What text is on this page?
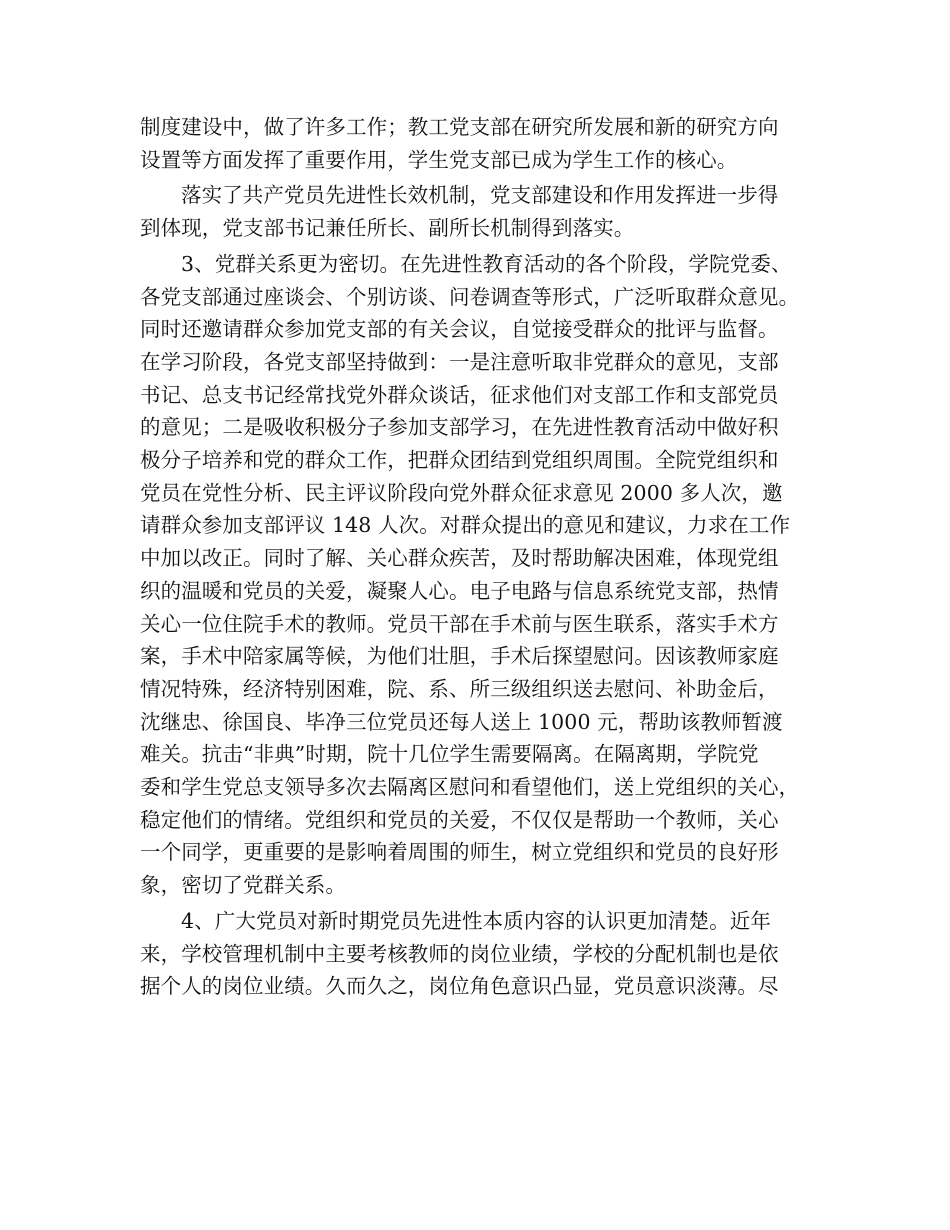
制度建设中，做了许多工作；教工党支部在研究所发展和新的研究方向
设置等方面发挥了重要作用，学生党支部已成为学生工作的核心。
落实了共产党员先进性长效机制，党支部建设和作用发挥进一步得
到体现，党支部书记兼任所长、副所长机制得到落实。
3、党群关系更为密切。在先进性教育活动的各个阶段，学院党委、
各党支部通过座谈会、个别访谈、问卷调查等形式，广泛听取群众意见。
同时还邀请群众参加党支部的有关会议，自觉接受群众的批评与监督。
在学习阶段，各党支部坚持做到：一是注意听取非党群众的意见，支部
书记、总支书记经常找党外群众谈话，征求他们对支部工作和支部党员
的意见；二是吸收积极分子参加支部学习，在先进性教育活动中做好积
极分子培养和党的群众工作，把群众团结到党组织周围。全院党组织和
党员在党性分析、民主评议阶段向党外群众征求意见 2000 多人次，邀
请群众参加支部评议 148 人次。对群众提出的意见和建议，力求在工作
中加以改正。同时了解、关心群众疾苦，及时帮助解决困难，体现党组
织的温暖和党员的关爱，凝聚人心。电子电路与信息系统党支部，热情
关心一位住院手术的教师。党员干部在手术前与医生联系，落实手术方
案，手术中陪家属等候，为他们壮胆，手术后探望慰问。因该教师家庭
情况特殊，经济特别困难，院、系、所三级组织送去慰问、补助金后，
沈继忠、徐国良、毕净三位党员还每人送上 1000 元，帮助该教师暂渡
难关。抗击“非典”时期，院十几位学生需要隔离。在隔离期，学院党
委和学生党总支领导多次去隔离区慰问和看望他们，送上党组织的关心，
稳定他们的情绪。党组织和党员的关爱，不仅仅是帮助一个教师，关心
一个同学，更重要的是影响着周围的师生，树立党组织和党员的良好形
象，密切了党群关系。
4、广大党员对新时期党员先进性本质内容的认识更加清楚。近年
来，学校管理机制中主要考核教师的岗位业绩，学校的分配机制也是依
据个人的岗位业绩。久而久之，岗位角色意识凸显，党员意识淡薄。尽
